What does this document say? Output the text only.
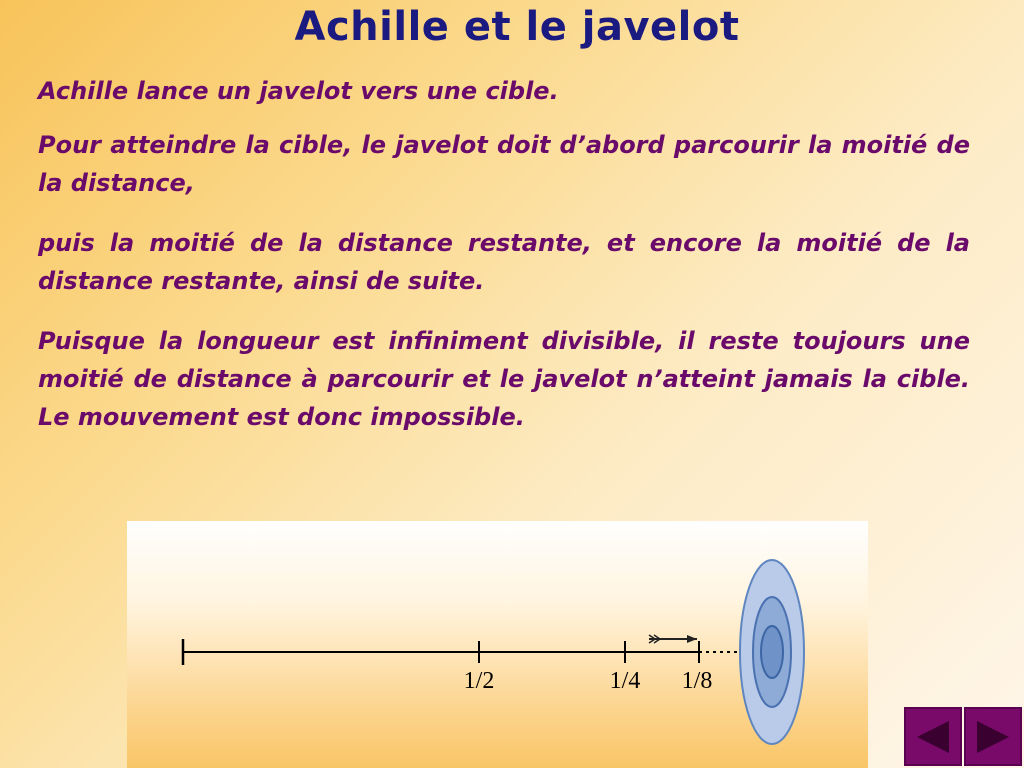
Achille et le javelot

Achille lance un javelot vers une cible.

Pour atteindre la cible, le javelot doit d’abord parcourir la moitié de la distance,

puis la moitié de la distance restante, et encore la moitié de la distance restante, ainsi de suite.

Puisque la longueur est infiniment divisible, il reste toujours une moitié de distance à parcourir et le javelot n’atteint jamais la cible. Le mouvement est donc impossible.

1/2	1/4 1/8
